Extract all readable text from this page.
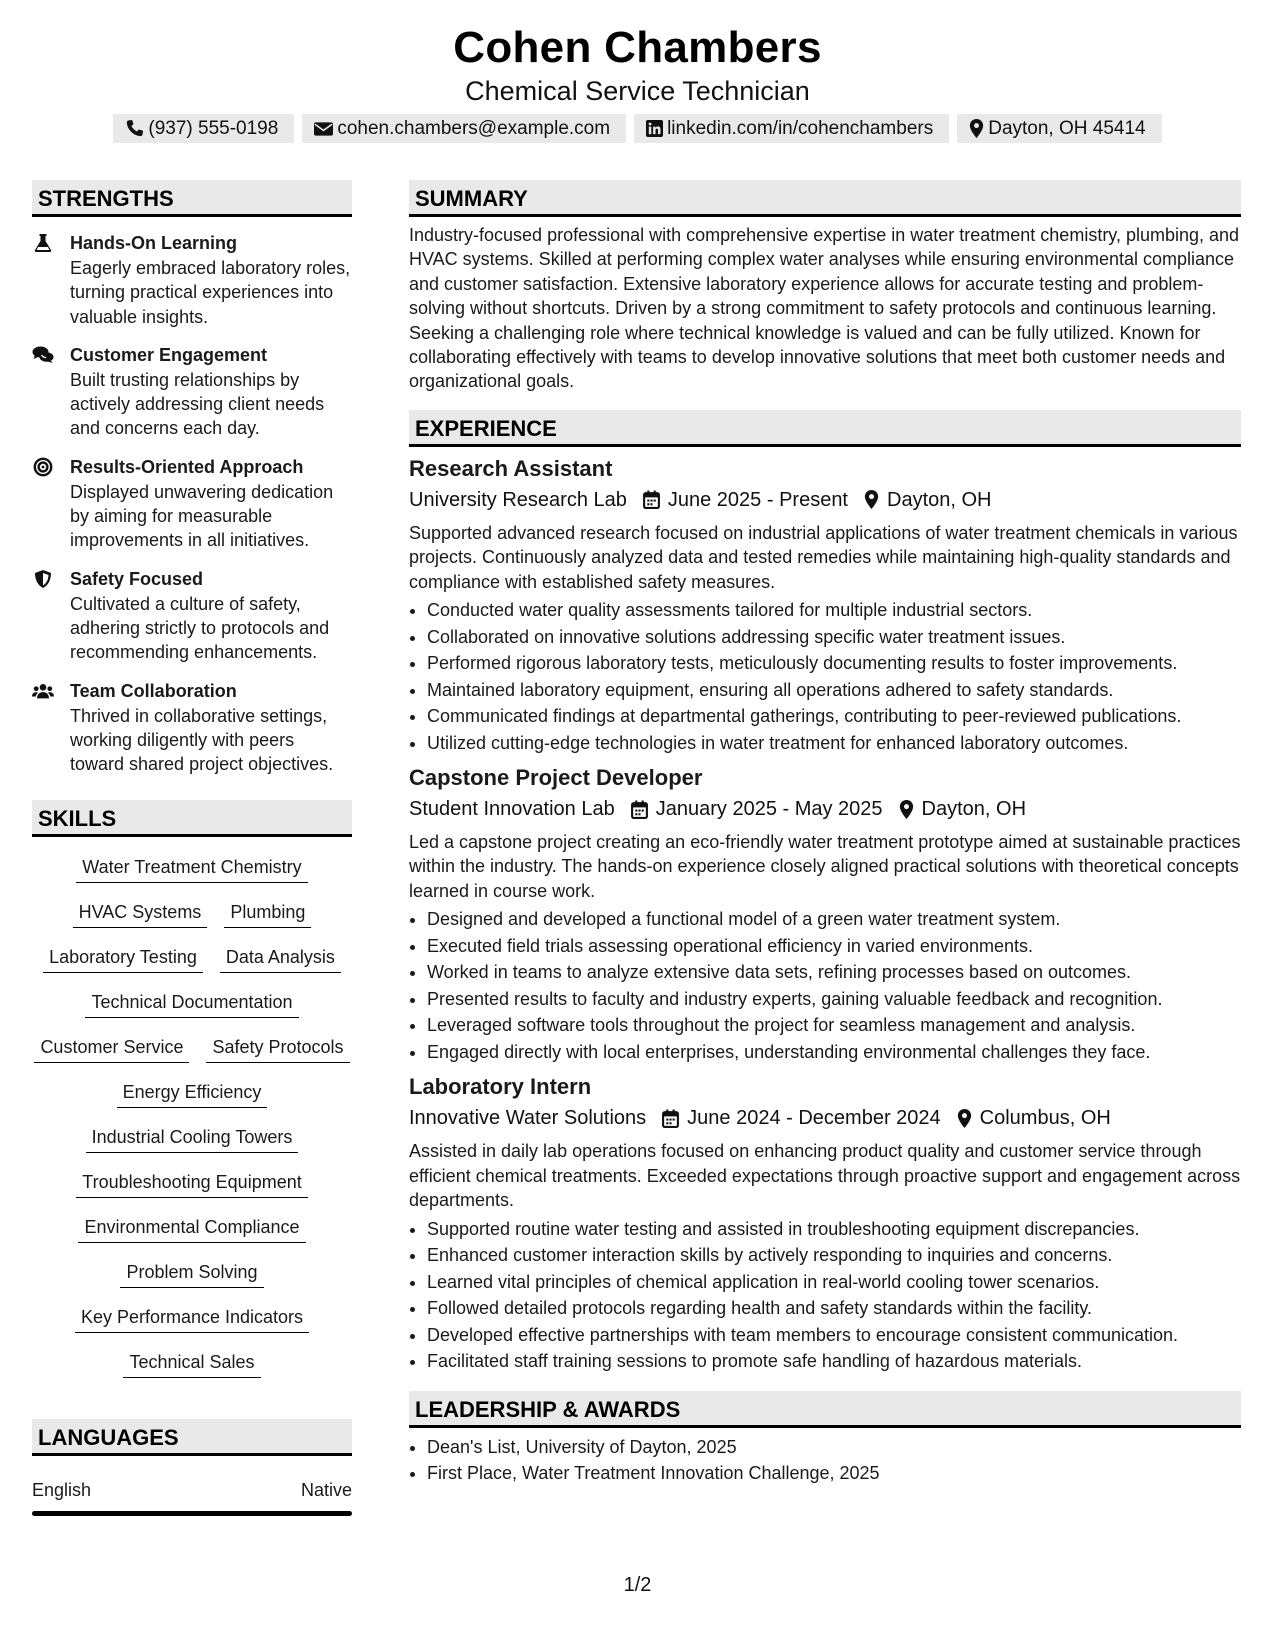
Cohen Chambers
Chemical Service Technician
(937) 555-0198	cohen.chambers@example.com	linkedin.com/in/cohenchambers	Dayton, OH 45414
STRENGTHS
Hands-On Learning
Eagerly embraced laboratory roles, turning practical experiences into valuable insights.
Customer Engagement
Built trusting relationships by actively addressing client needs and concerns each day.
Results-Oriented Approach
Displayed unwavering dedication by aiming for measurable improvements in all initiatives.
Safety Focused
Cultivated a culture of safety, adhering strictly to protocols and recommending enhancements.
Team Collaboration
Thrived in collaborative settings, working diligently with peers toward shared project objectives.
SKILLS
Water Treatment Chemistry
HVAC Systems	Plumbing
Laboratory Testing	Data Analysis
Technical Documentation
Customer Service	Safety Protocols
Energy Efficiency
Industrial Cooling Towers
Troubleshooting Equipment
Environmental Compliance
Problem Solving
Key Performance Indicators
Technical Sales
LANGUAGES
English	Native
SUMMARY
Industry-focused professional with comprehensive expertise in water treatment chemistry, plumbing, and HVAC systems. Skilled at performing complex water analyses while ensuring environmental compliance and customer satisfaction. Extensive laboratory experience allows for accurate testing and problem-solving without shortcuts. Driven by a strong commitment to safety protocols and continuous learning. Seeking a challenging role where technical knowledge is valued and can be fully utilized. Known for collaborating effectively with teams to develop innovative solutions that meet both customer needs and organizational goals.
EXPERIENCE
Research Assistant
University Research Lab June 2025 - Present Dayton, OH
Supported advanced research focused on industrial applications of water treatment chemicals in various projects. Continuously analyzed data and tested remedies while maintaining high-quality standards and compliance with established safety measures.
• Conducted water quality assessments tailored for multiple industrial sectors.
• Collaborated on innovative solutions addressing specific water treatment issues.
• Performed rigorous laboratory tests, meticulously documenting results to foster improvements.
• Maintained laboratory equipment, ensuring all operations adhered to safety standards.
• Communicated findings at departmental gatherings, contributing to peer-reviewed publications.
• Utilized cutting-edge technologies in water treatment for enhanced laboratory outcomes.
Capstone Project Developer
Student Innovation Lab January 2025 - May 2025 Dayton, OH
Led a capstone project creating an eco-friendly water treatment prototype aimed at sustainable practices within the industry. The hands-on experience closely aligned practical solutions with theoretical concepts learned in course work.
• Designed and developed a functional model of a green water treatment system.
• Executed field trials assessing operational efficiency in varied environments.
• Worked in teams to analyze extensive data sets, refining processes based on outcomes.
• Presented results to faculty and industry experts, gaining valuable feedback and recognition.
• Leveraged software tools throughout the project for seamless management and analysis.
• Engaged directly with local enterprises, understanding environmental challenges they face.
Laboratory Intern
Innovative Water Solutions June 2024 - December 2024 Columbus, OH
Assisted in daily lab operations focused on enhancing product quality and customer service through efficient chemical treatments. Exceeded expectations through proactive support and engagement across departments.
• Supported routine water testing and assisted in troubleshooting equipment discrepancies.
• Enhanced customer interaction skills by actively responding to inquiries and concerns.
• Learned vital principles of chemical application in real-world cooling tower scenarios.
• Followed detailed protocols regarding health and safety standards within the facility.
• Developed effective partnerships with team members to encourage consistent communication.
• Facilitated staff training sessions to promote safe handling of hazardous materials.
LEADERSHIP & AWARDS
• Dean's List, University of Dayton, 2025
• First Place, Water Treatment Innovation Challenge, 2025
1/2
